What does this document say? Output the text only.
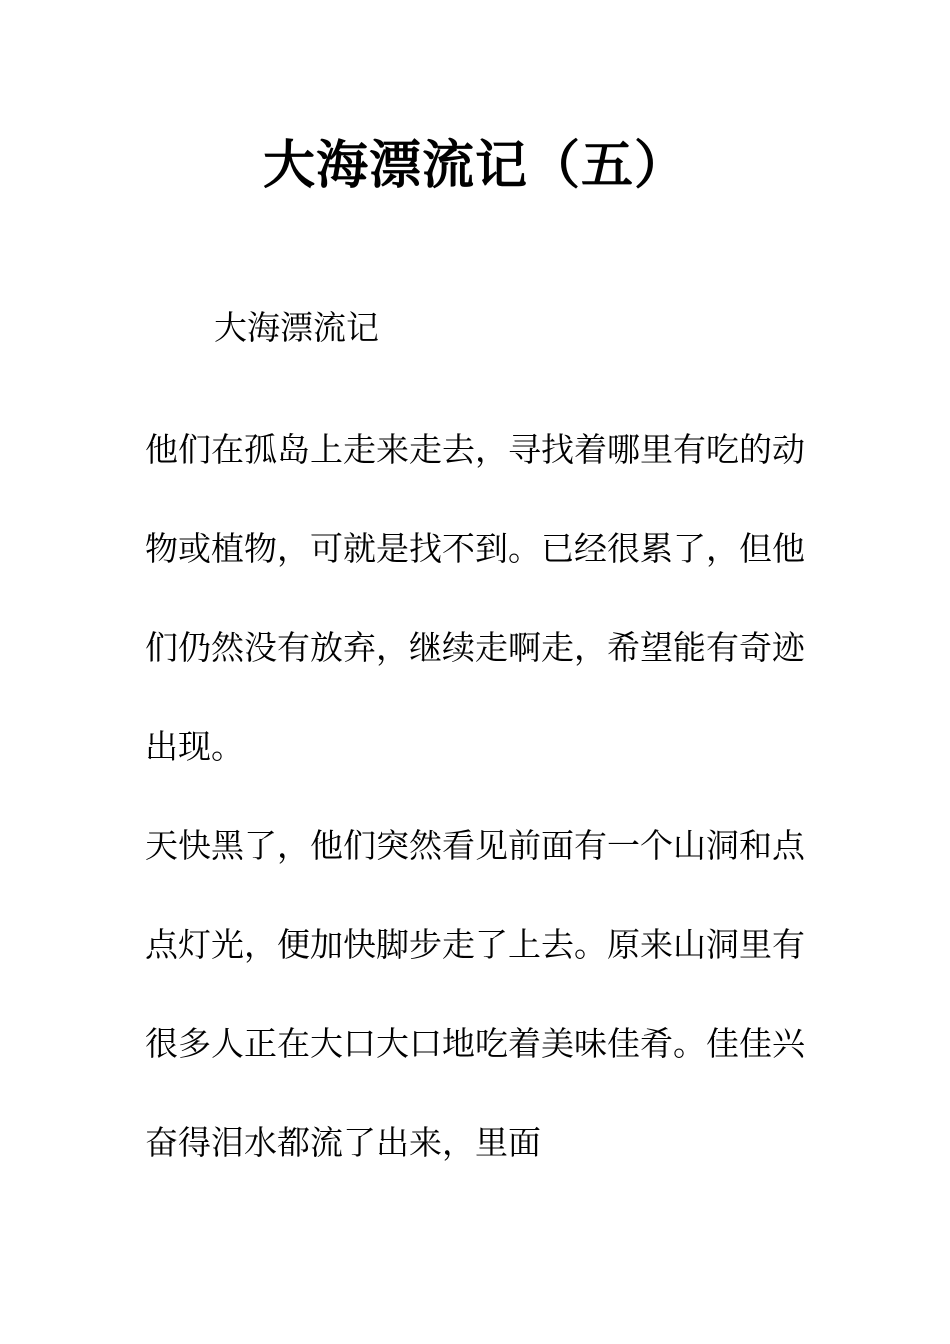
大海漂流记（五）

大海漂流记

他们在孤岛上走来走去，寻找着哪里有吃的动物或植物，可就是找不到。已经很累了，但他们仍然没有放弃，继续走啊走，希望能有奇迹出现。

天快黑了，他们突然看见前面有一个山洞和点点灯光，便加快脚步走了上去。原来山洞里有很多人正在大口大口地吃着美味佳肴。佳佳兴奋得泪水都流了出来，里面
